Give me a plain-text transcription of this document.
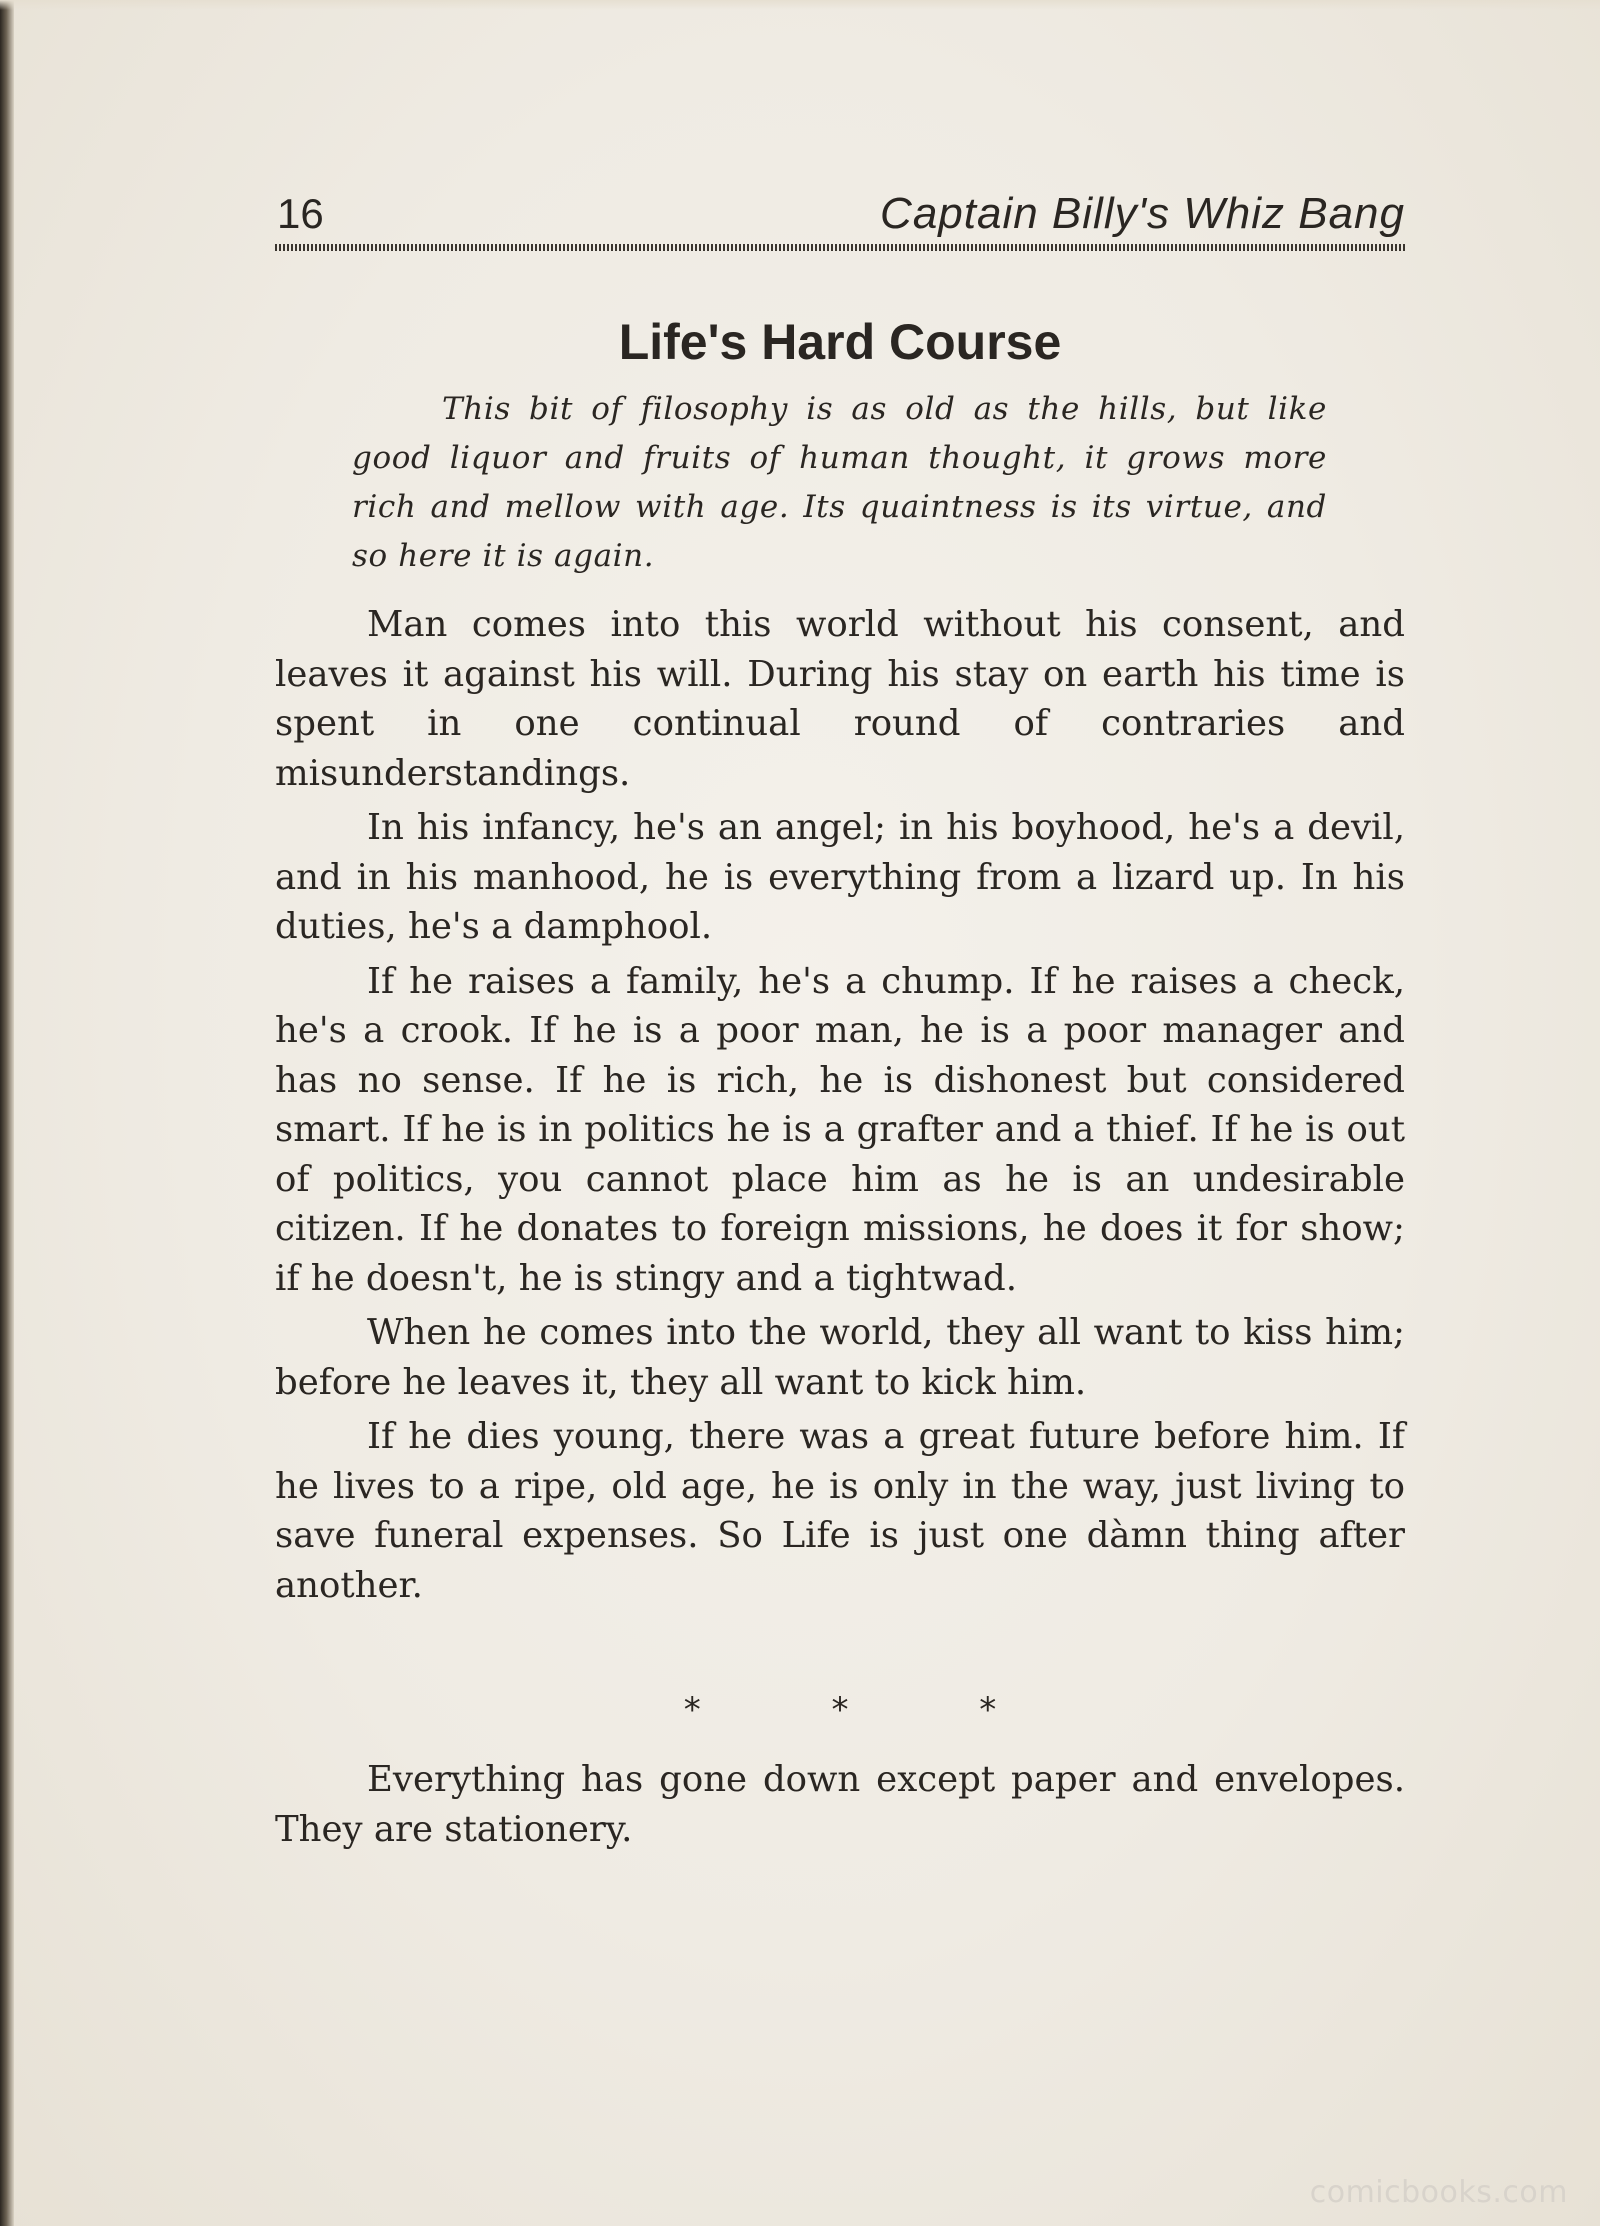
16	Captain Billy's Whiz Bang
Life's Hard Course

This bit of filosophy is as old as the hills, but like good liquor and fruits of human thought, it grows more rich and mellow with age. Its quaintness is its virtue, and so here it is again.

Man comes into this world without his consent, and leaves it against his will. During his stay on earth his time is spent in one continual round of contraries and misunderstandings.

In his infancy, he's an angel; in his boyhood, he's a devil, and in his manhood, he is everything from a lizard up. In his duties, he's a damphool.

If he raises a family, he's a chump. If he raises a check, he's a crook. If he is a poor man, he is a poor manager and has no sense. If he is rich, he is dishonest but considered smart. If he is in politics he is a grafter and a thief. If he is out of politics, you cannot place him as he is an undesirable citizen. If he donates to foreign missions, he does it for show; if he doesn't, he is stingy and a tightwad.

When he comes into the world, they all want to kiss him; before he leaves it, they all want to kick him.

If he dies young, there was a great future before him. If he lives to a ripe, old age, he is only in the way, just living to save funeral expenses. So Life is just one dàmn thing after another.

* * *

Everything has gone down except paper and envelopes. They are stationery.

comicbooks.com
